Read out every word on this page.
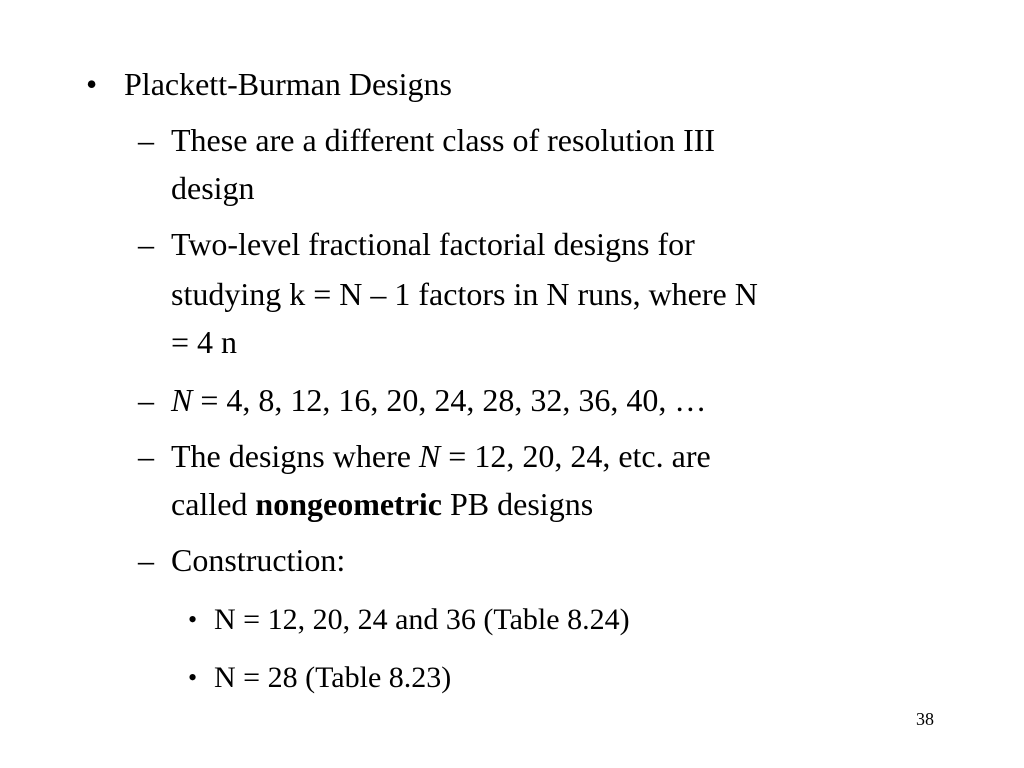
• Plackett-Burman Designs
– These are a different class of resolution III
design
– Two-level fractional factorial designs for
studying k = N – 1 factors in N runs, where N
= 4 n
– N = 4, 8, 12, 16, 20, 24, 28, 32, 36, 40, …
– The designs where N = 12, 20, 24, etc. are
called nongeometric PB designs
– Construction:
• N = 12, 20, 24 and 36 (Table 8.24)
• N = 28 (Table 8.23)
38
